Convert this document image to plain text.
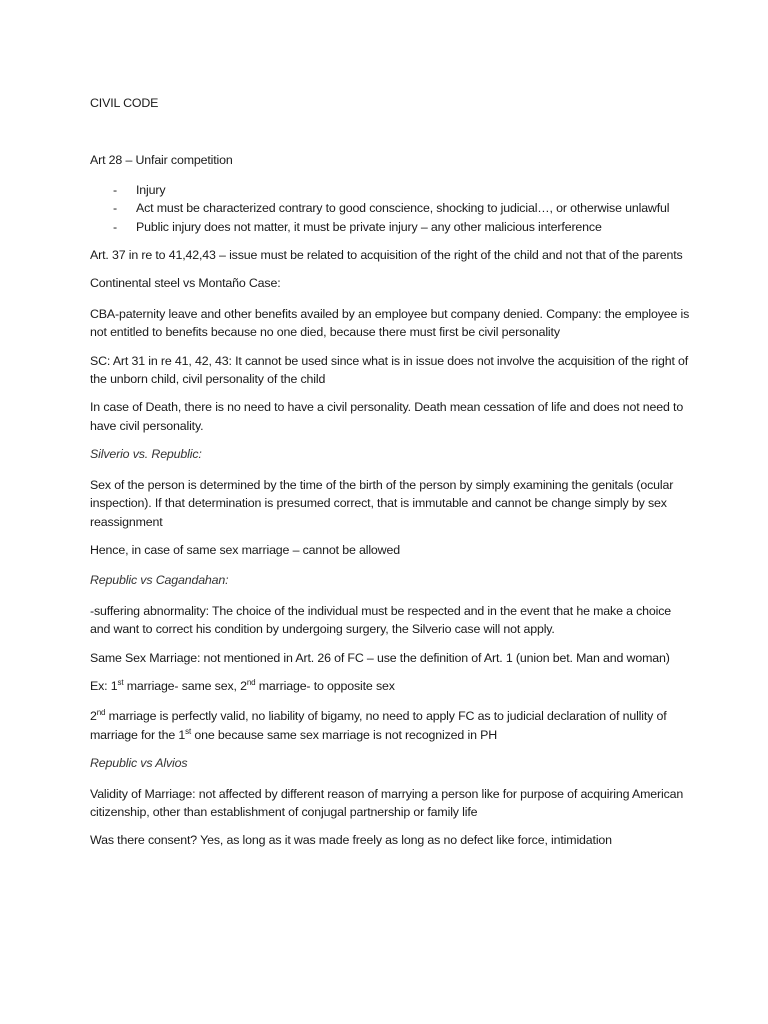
CIVIL CODE

Art 28 – Unfair competition

- Injury
- Act must be characterized contrary to good conscience, shocking to judicial…, or otherwise unlawful
- Public injury does not matter, it must be private injury – any other malicious interference

Art. 37 in re to 41,42,43 – issue must be related to acquisition of the right of the child and not that of the parents

Continental steel vs Montaño Case:

CBA-paternity leave and other benefits availed by an employee but company denied. Company: the employee is not entitled to benefits because no one died, because there must first be civil personality

SC: Art 31 in re 41, 42, 43: It cannot be used since what is in issue does not involve the acquisition of the right of the unborn child, civil personality of the child

In case of Death, there is no need to have a civil personality. Death mean cessation of life and does not need to have civil personality.

Silverio vs. Republic:

Sex of the person is determined by the time of the birth of the person by simply examining the genitals (ocular inspection). If that determination is presumed correct, that is immutable and cannot be change simply by sex reassignment

Hence, in case of same sex marriage – cannot be allowed

Republic vs Cagandahan:

-suffering abnormality: The choice of the individual must be respected and in the event that he make a choice and want to correct his condition by undergoing surgery, the Silverio case will not apply.

Same Sex Marriage: not mentioned in Art. 26 of FC – use the definition of Art. 1 (union bet. Man and woman)

Ex: 1st marriage- same sex, 2nd marriage- to opposite sex

2nd marriage is perfectly valid, no liability of bigamy, no need to apply FC as to judicial declaration of nullity of marriage for the 1st one because same sex marriage is not recognized in PH

Republic vs Alvios

Validity of Marriage: not affected by different reason of marrying a person like for purpose of acquiring American citizenship, other than establishment of conjugal partnership or family life

Was there consent? Yes, as long as it was made freely as long as no defect like force, intimidation
